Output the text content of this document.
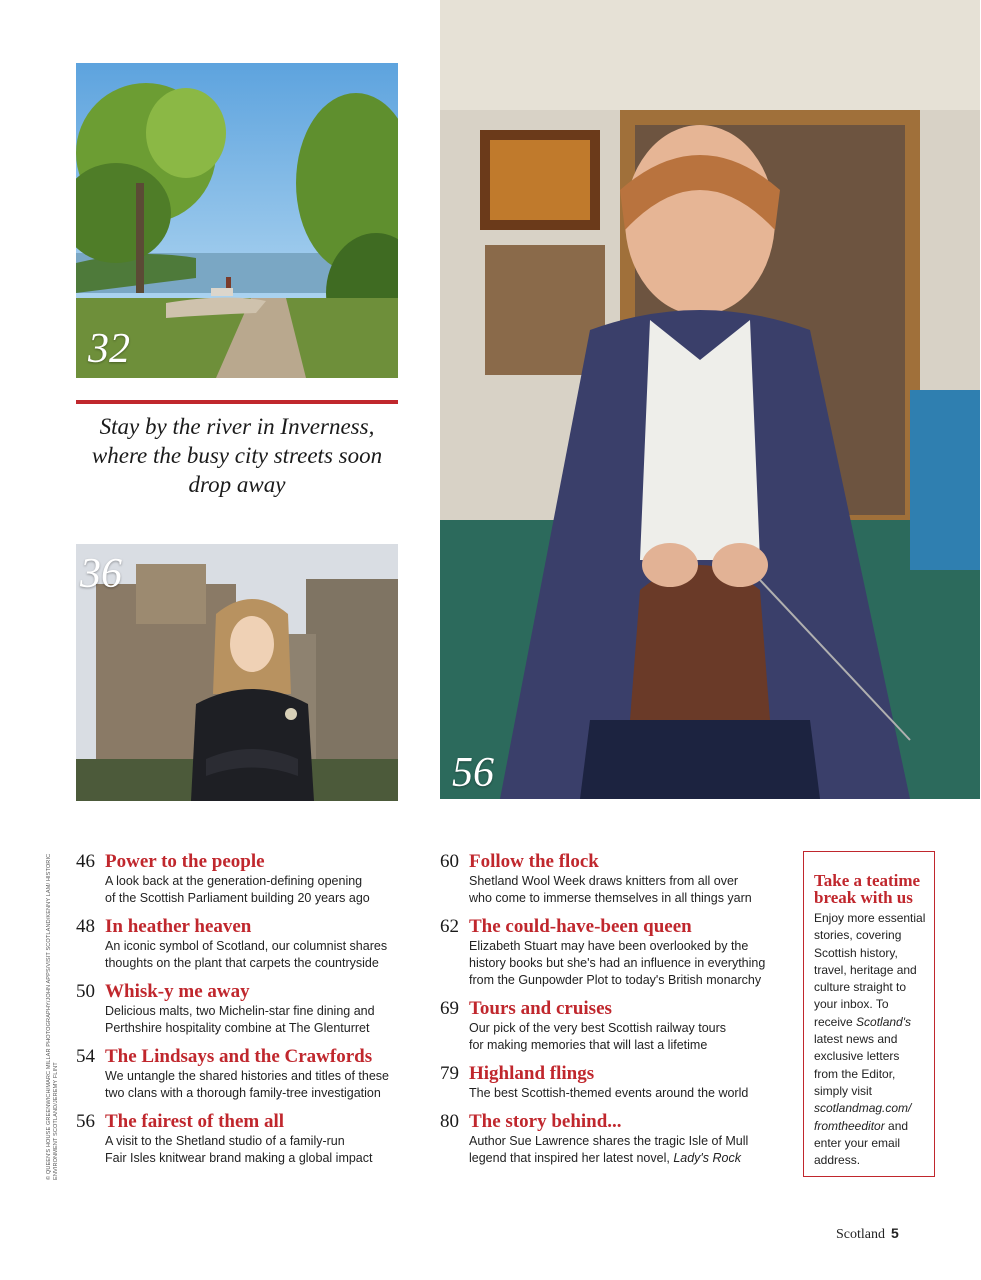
32
Stay by the river in Inverness, where the busy city streets soon drop away
36
56
© QUEEN'S HOUSE GREENWICH/MARC MILLAR PHOTOGRAPHY/JOHN APPS/VISIT SCOTLAND/KENNY LAM/ HISTORIC ENVIRONMENT SCOTLAND/JEREMY FLINT
46 Power to the people
A look back at the generation-defining opening
of the Scottish Parliament building 20 years ago
48 In heather heaven
An iconic symbol of Scotland, our columnist shares
thoughts on the plant that carpets the countryside
50 Whisk-y me away
Delicious malts, two Michelin-star fine dining and
Perthshire hospitality combine at The Glenturret
54 The Lindsays and the Crawfords
We untangle the shared histories and titles of these
two clans with a thorough family-tree investigation
56 The fairest of them all
A visit to the Shetland studio of a family-run
Fair Isles knitwear brand making a global impact
60 Follow the flock
Shetland Wool Week draws knitters from all over
who come to immerse themselves in all things yarn
62 The could-have-been queen
Elizabeth Stuart may have been overlooked by the
history books but she's had an influence in everything
from the Gunpowder Plot to today's British monarchy
69 Tours and cruises
Our pick of the very best Scottish railway tours
for making memories that will last a lifetime
79 Highland flings
The best Scottish-themed events around the world
80 The story behind...
Author Sue Lawrence shares the tragic Isle of Mull
legend that inspired her latest novel, Lady's Rock
Take a teatime break with us
Enjoy more essential stories, covering Scottish history, travel, heritage and culture straight to your inbox. To receive Scotland's latest news and exclusive letters from the Editor, simply visit scotlandmag.com/ fromtheeditor and enter your email address.
Scotland 5
